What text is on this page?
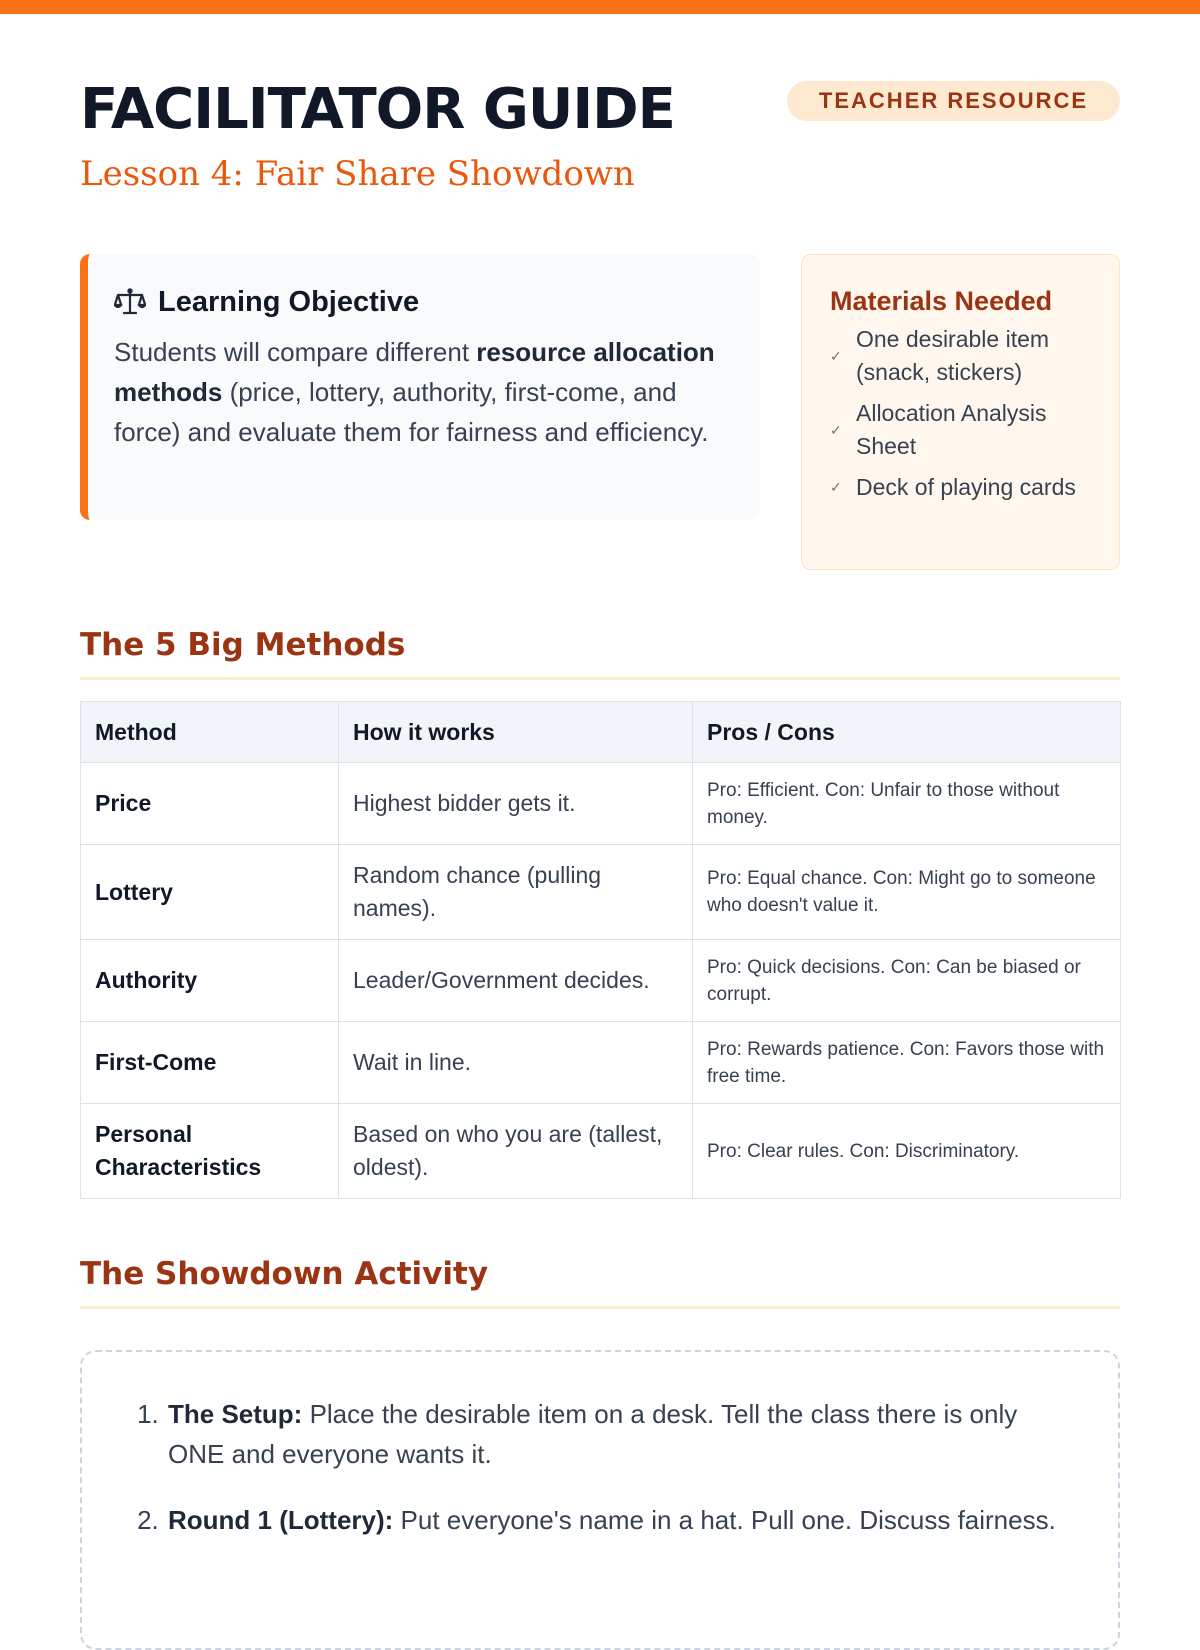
FACILITATOR GUIDE
Lesson 4: Fair Share Showdown
TEACHER RESOURCE
Learning Objective

Students will compare different resource allocation methods (price, lottery, authority, first-come, and force) and evaluate them for fairness and efficiency.

Materials Needed
✓
One desirable item (snack, stickers)
✓
Allocation Analysis Sheet
✓ Deck of playing cards
The 5 Big Methods
Method	How it works	Pros / Cons
Price	Highest bidder gets it.	Pro: Efficient. Con: Unfair to those without money.
Lottery	Random chance (pulling names).	Pro: Equal chance. Con: Might go to someone who doesn't value it.
Authority	Leader/Government decides.	Pro: Quick decisions. Con: Can be biased or corrupt.
First-Come	Wait in line.	Pro: Rewards patience. Con: Favors those with free time.
Personal Characteristics	Based on who you are (tallest, oldest).	Pro: Clear rules. Con: Discriminatory.
The Showdown Activity
1. The Setup: Place the desirable item on a desk. Tell the class there is only ONE and everyone wants it.
2. Round 1 (Lottery): Put everyone's name in a hat. Pull one. Discuss fairness.
